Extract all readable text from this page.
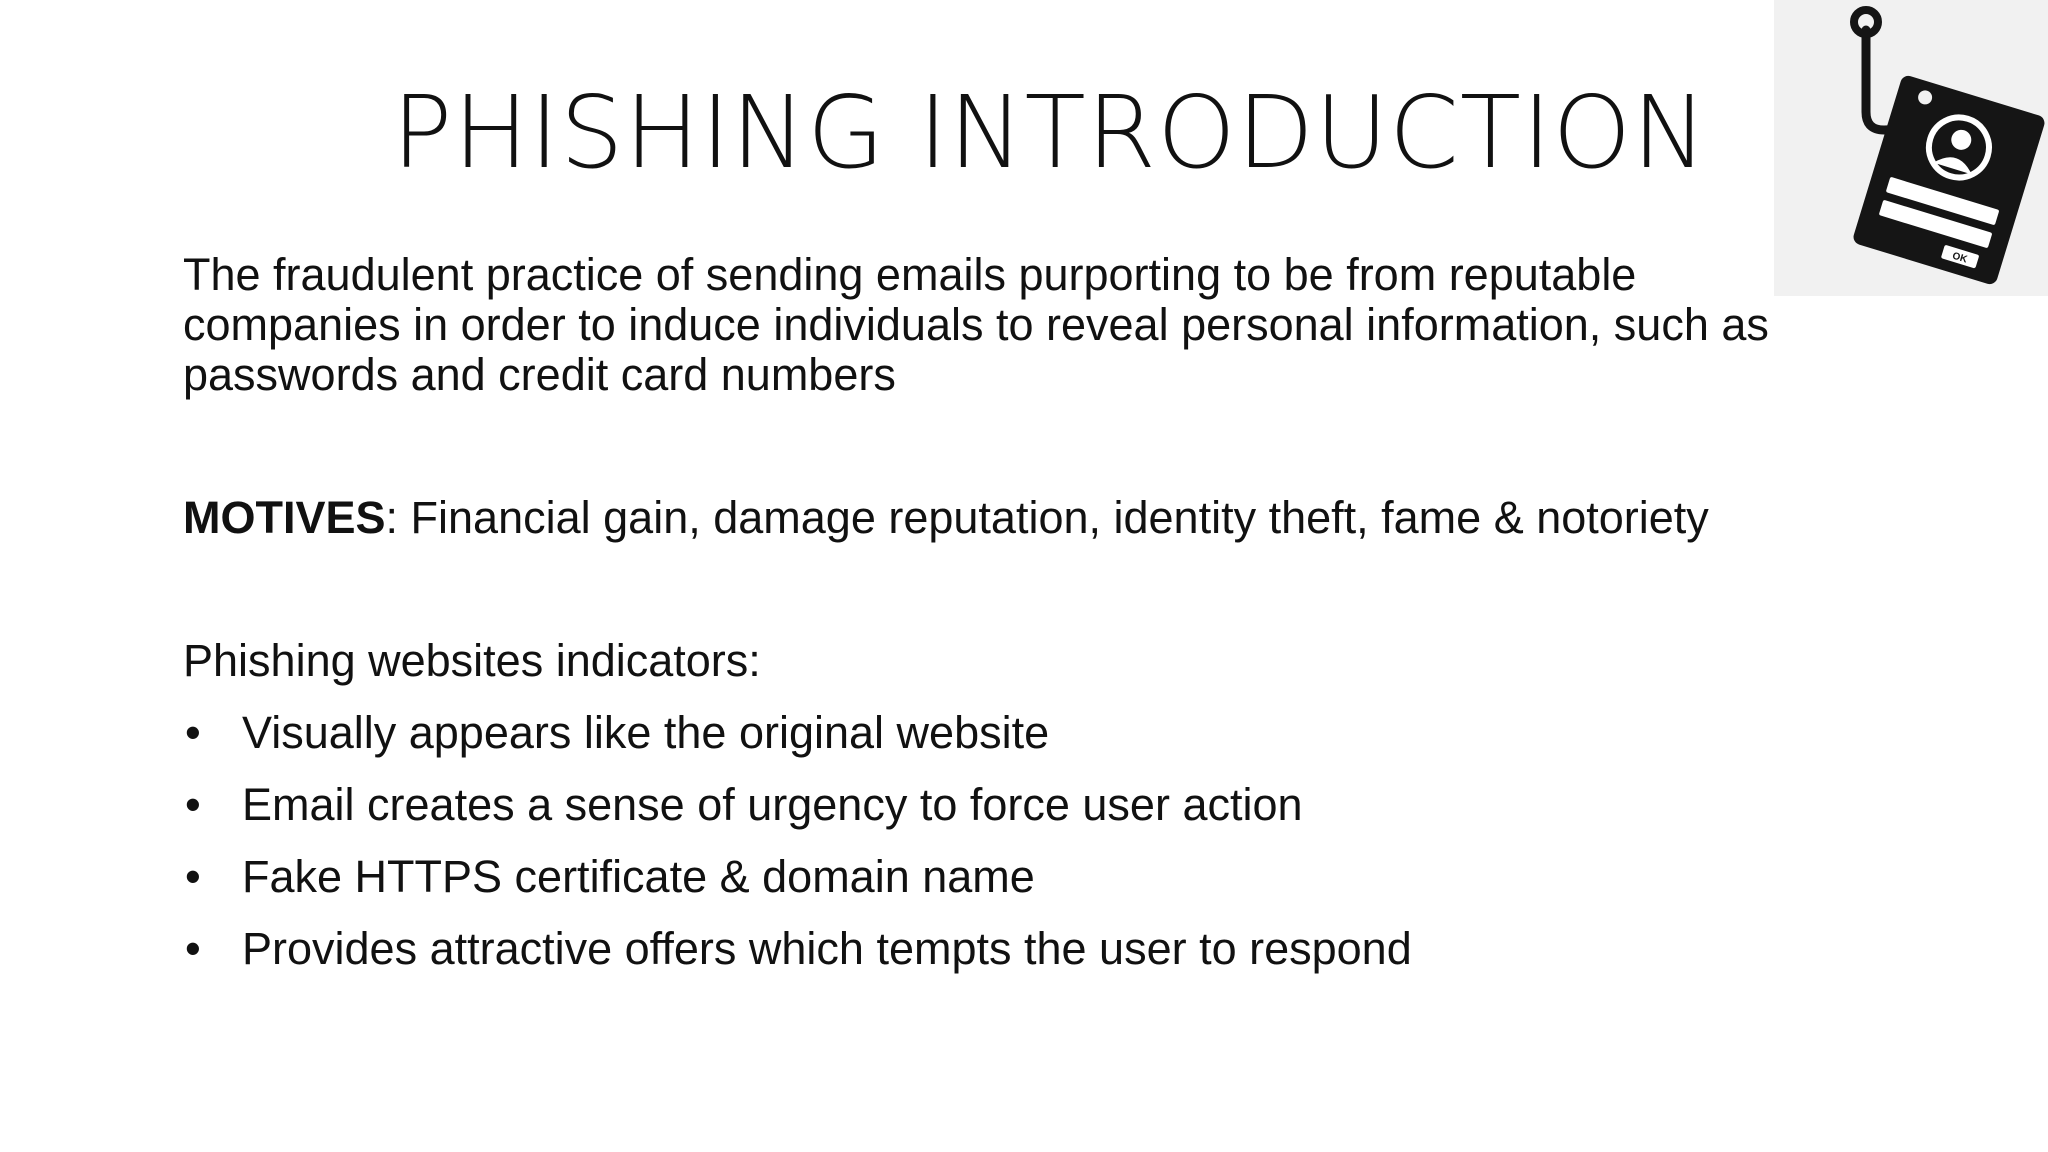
PHISHING INTRODUCTION

The fraudulent practice of sending emails purporting to be from reputable companies in order to induce individuals to reveal personal information, such as passwords and credit card numbers

MOTIVES: Financial gain, damage reputation, identity theft, fame & notoriety

Phishing websites indicators:

• Visually appears like the original website
• Email creates a sense of urgency to force user action
• Fake HTTPS certificate & domain name
• Provides attractive offers which tempts the user to respond
OK
